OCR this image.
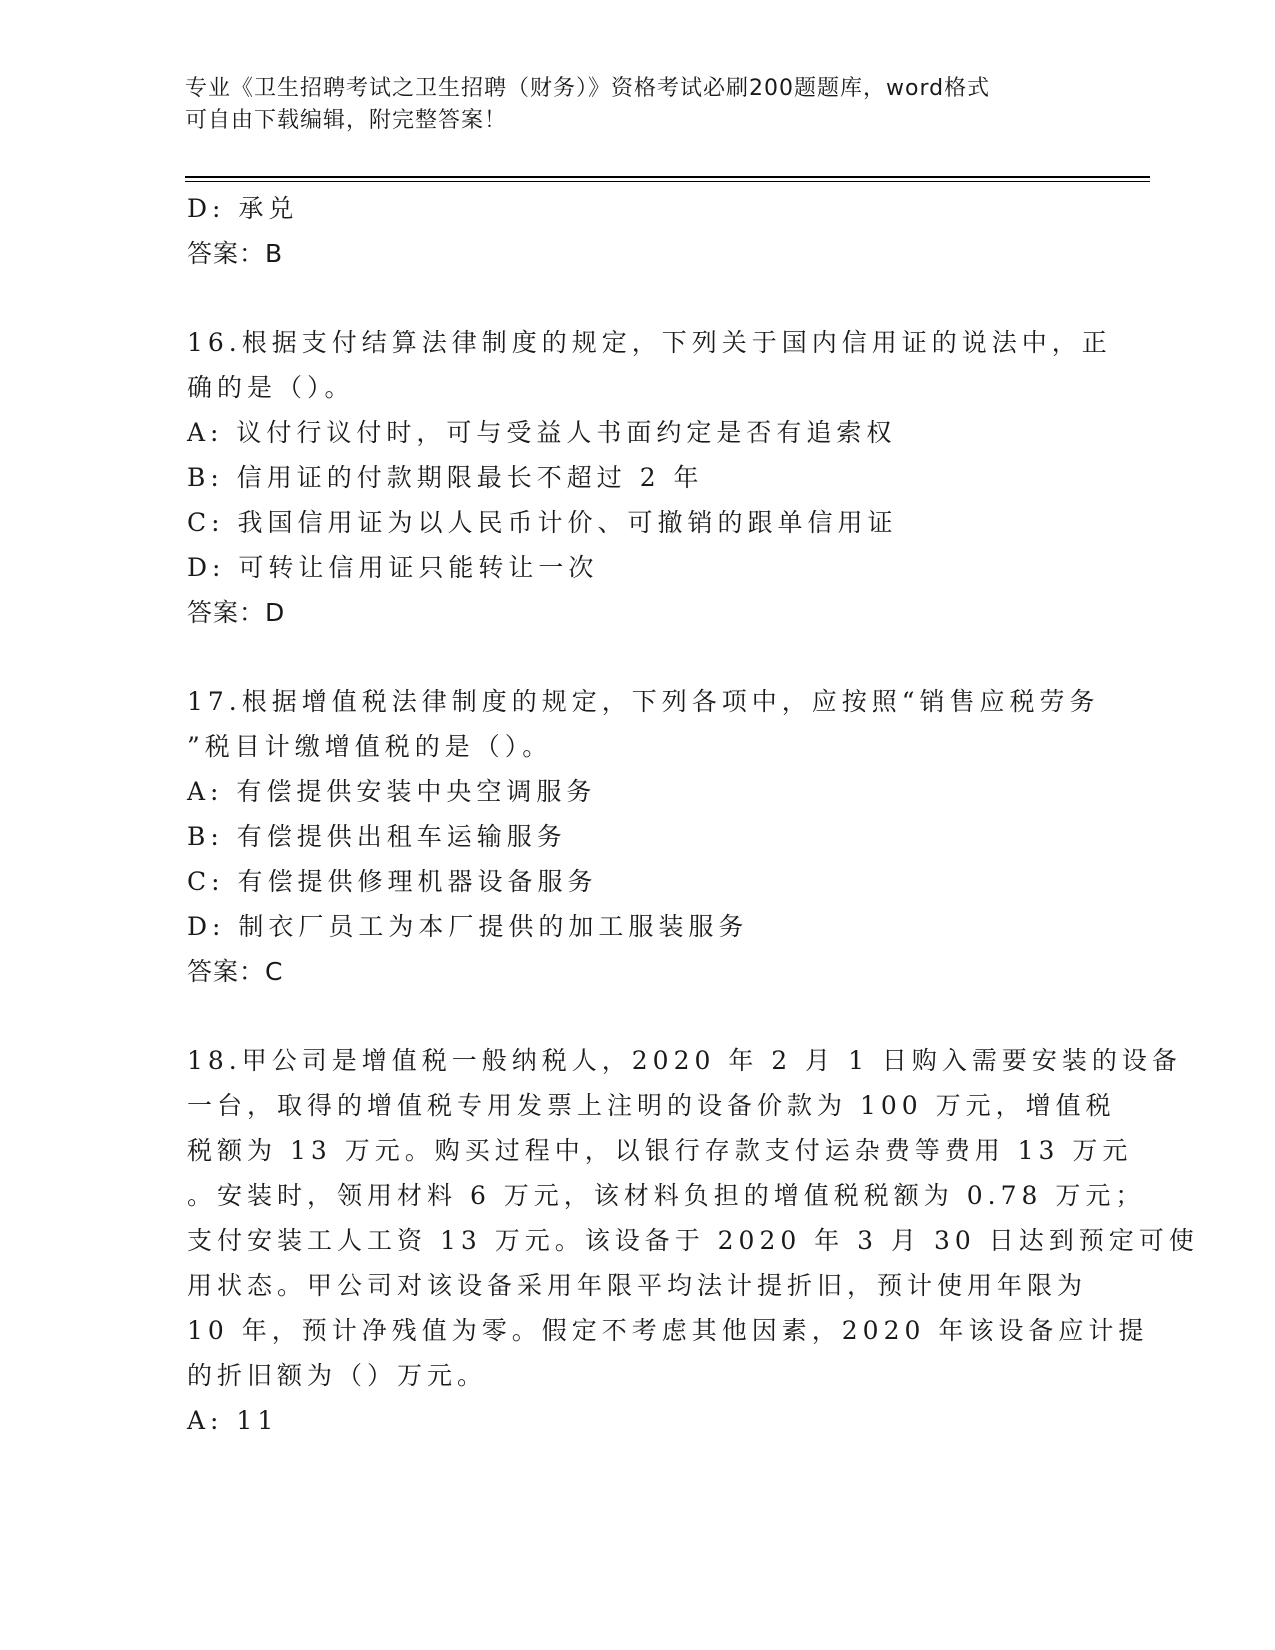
专业《卫生招聘考试之卫生招聘（财务）》资格考试必刷200题题库，word格式
可自由下载编辑，附完整答案！
D: 承兑
答案：B
16.根据支付结算法律制度的规定，下列关于国内信用证的说法中，正
确的是（）。
A: 议付行议付时，可与受益人书面约定是否有追索权
B: 信用证的付款期限最长不超过 2 年
C: 我国信用证为以人民币计价、可撤销的跟单信用证
D: 可转让信用证只能转让一次
答案：D
17.根据增值税法律制度的规定，下列各项中，应按照“销售应税劳务
”税目计缴增值税的是（）。
A: 有偿提供安装中央空调服务
B: 有偿提供出租车运输服务
C: 有偿提供修理机器设备服务
D: 制衣厂员工为本厂提供的加工服装服务
答案：C
18.甲公司是增值税一般纳税人，2020 年 2 月 1 日购入需要安装的设备
一台，取得的增值税专用发票上注明的设备价款为 100 万元，增值税
税额为 13 万元。购买过程中，以银行存款支付运杂费等费用 13 万元
。安装时，领用材料 6 万元，该材料负担的增值税税额为 0.78 万元；
支付安装工人工资 13 万元。该设备于 2020 年 3 月 30 日达到预定可使
用状态。甲公司对该设备采用年限平均法计提折旧，预计使用年限为
10 年，预计净残值为零。假定不考虑其他因素，2020 年该设备应计提
的折旧额为（）万元。
A: 11
